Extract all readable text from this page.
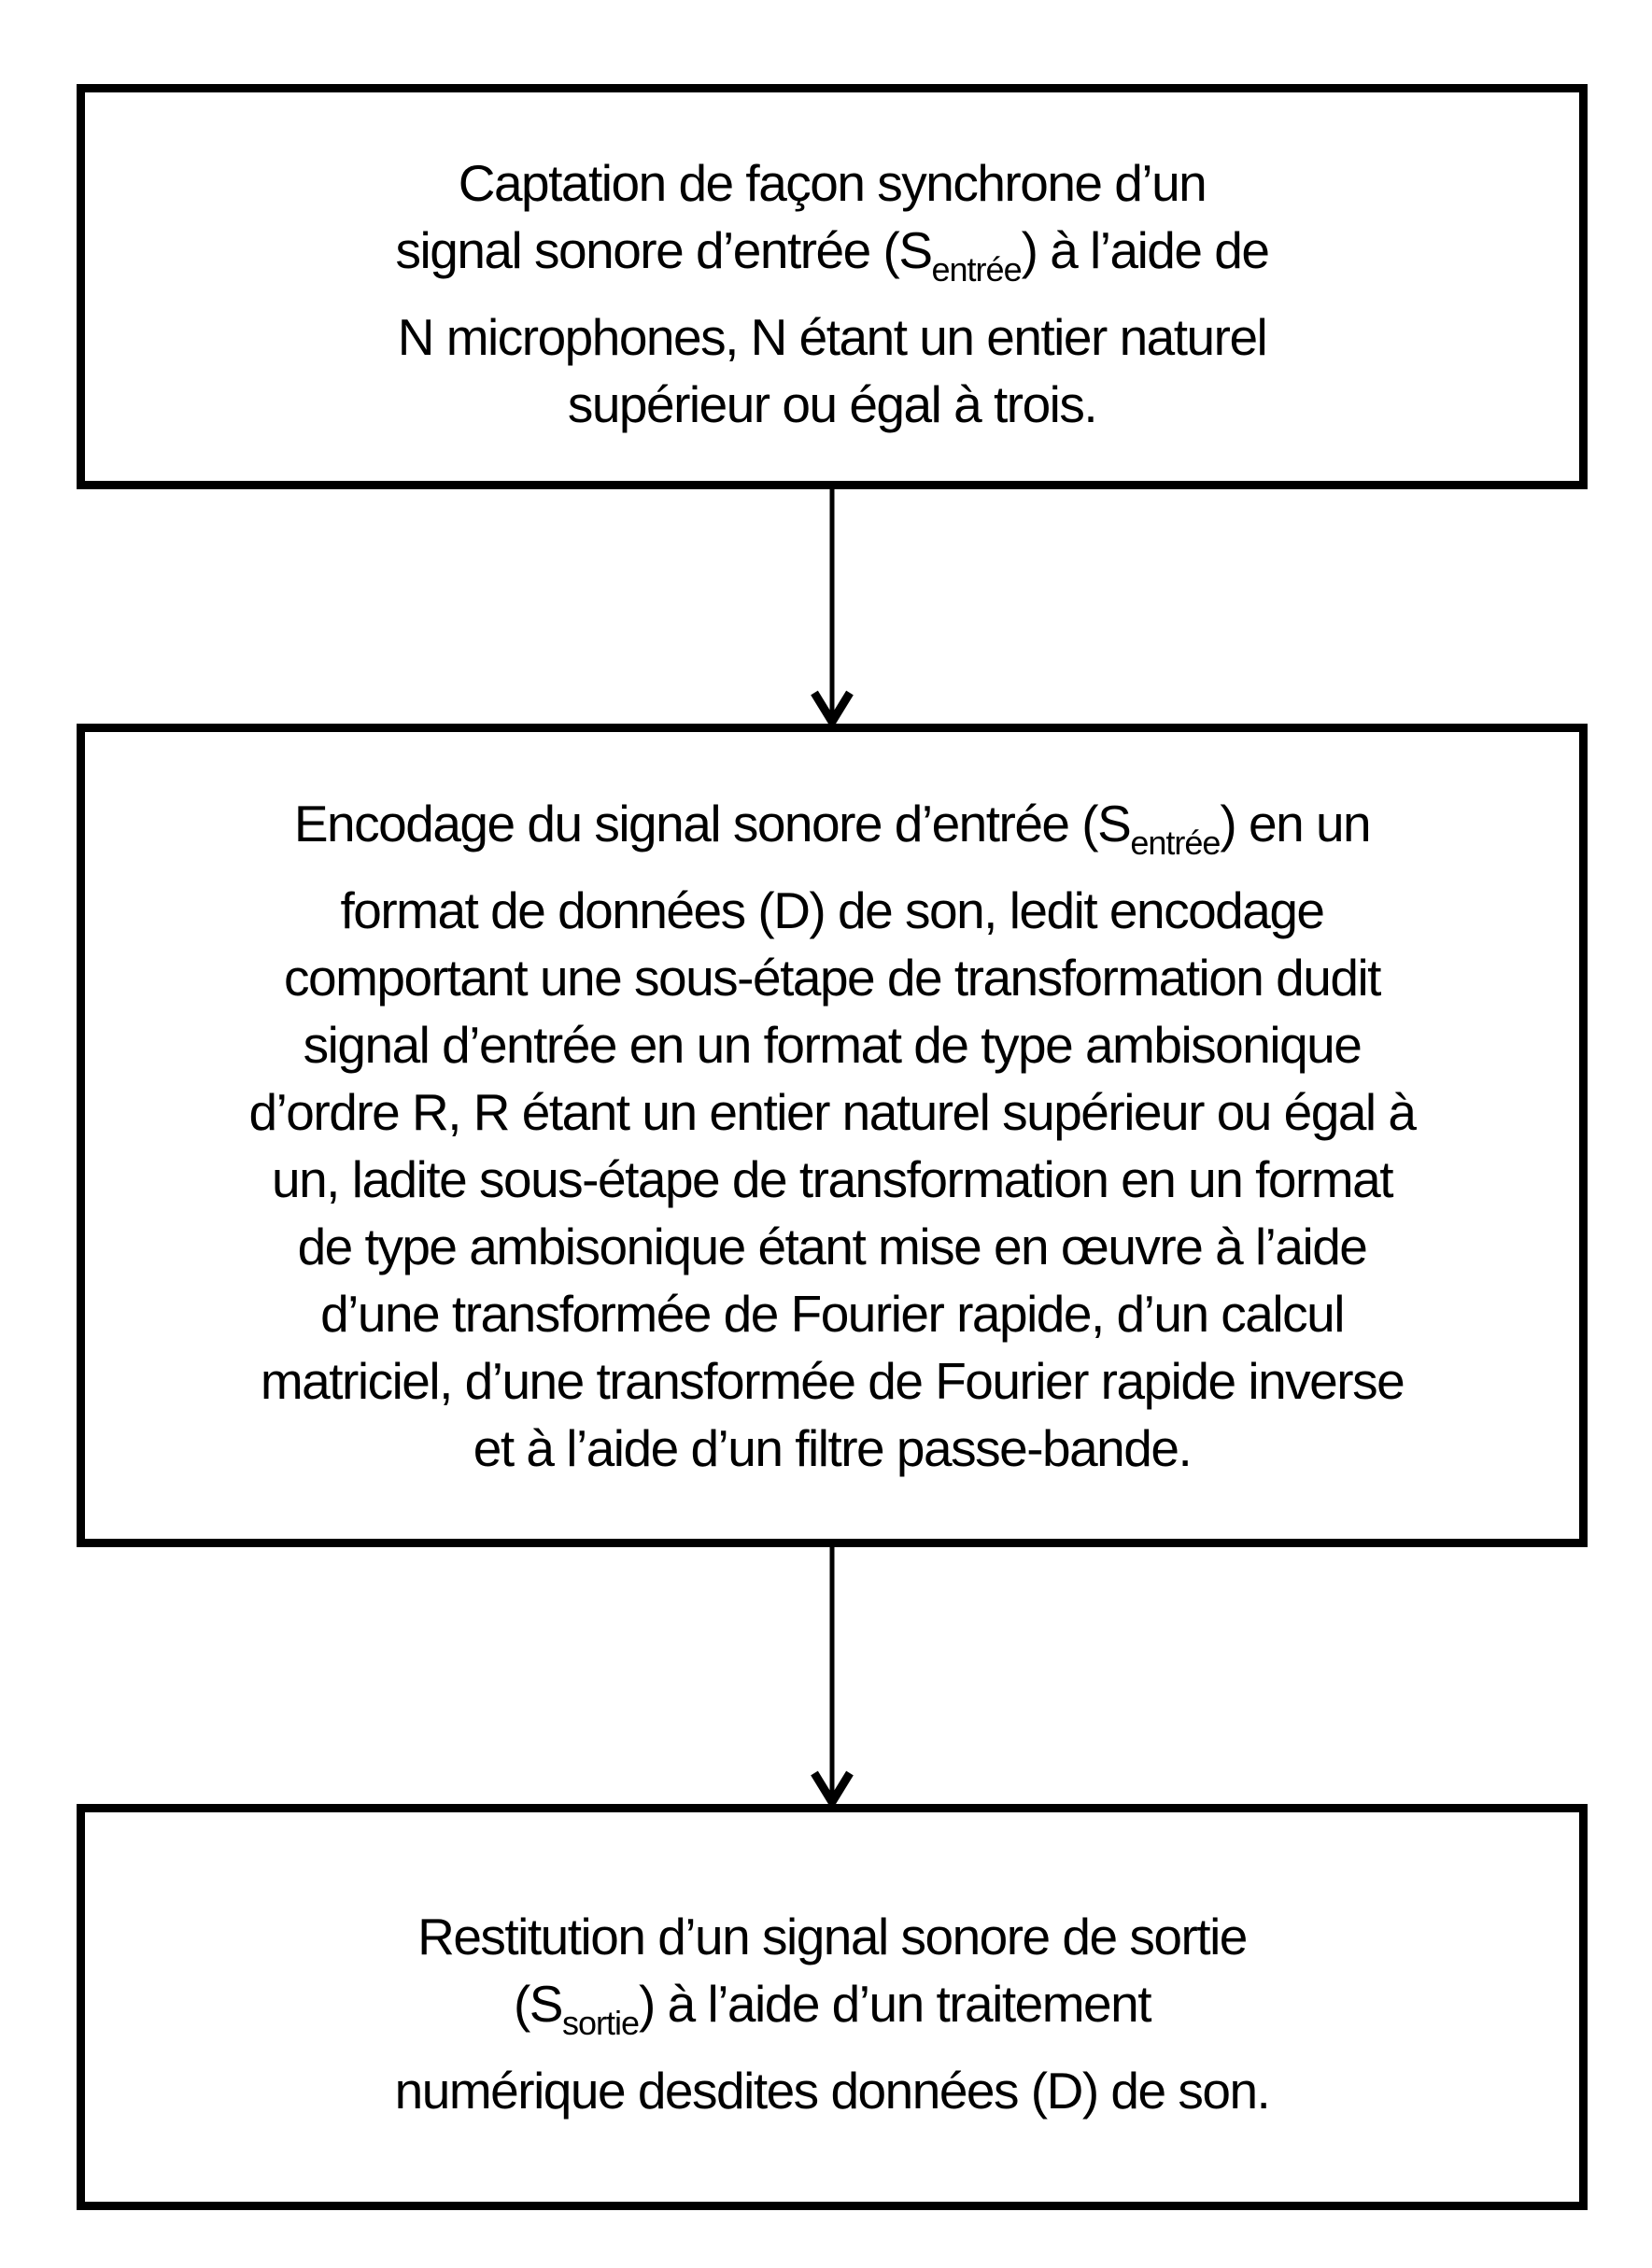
Captation de façon synchrone d’un
signal sonore d’entrée $(S_{entrée})$ à l’aide de
N microphones, N étant un entier naturel
supérieur ou égal à trois.
Encodage du signal sonore d’entrée $(S_{entrée})$ en un
format de données (D) de son, ledit encodage
comportant une sous-étape de transformation dudit
signal d’entrée en un format de type ambisonique
d’ordre R, R étant un entier naturel supérieur ou égal à
un, ladite sous-étape de transformation en un format
de type ambisonique étant mise en œuvre à l’aide
d’une transformée de Fourier rapide, d’un calcul
matriciel, d’une transformée de Fourier rapide inverse
et à l’aide d’un filtre passe-bande.
Restitution d’un signal sonore de sortie
$(S_{sortie})$ à l’aide d’un traitement
numérique desdites données (D) de son.
